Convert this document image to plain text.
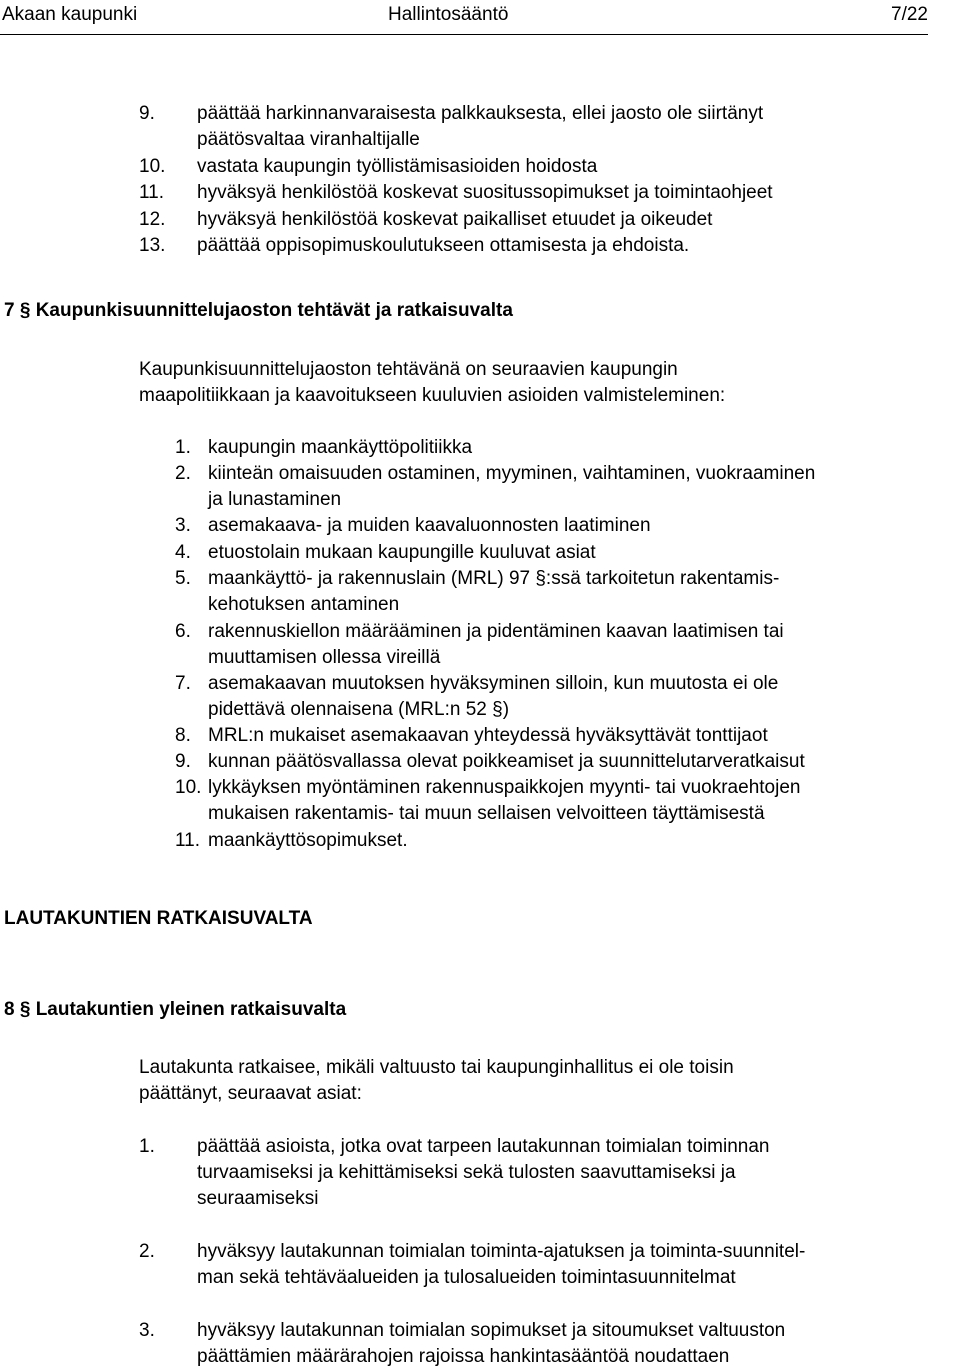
Akaan kaupunki	Hallintosääntö	7/22
9. päättää harkinnanvaraisesta palkkauksesta, ellei jaosto ole siirtänyt
päätösvaltaa viranhaltijalle
10. vastata kaupungin työllistämisasioiden hoidosta
11. hyväksyä henkilöstöä koskevat suositussopimukset ja toimintaohjeet
12. hyväksyä henkilöstöä koskevat paikalliset etuudet ja oikeudet
13. päättää oppisopimuskoulutukseen ottamisesta ja ehdoista.
7 § Kaupunkisuunnittelujaoston tehtävät ja ratkaisuvalta
Kaupunkisuunnittelujaoston tehtävänä on seuraavien kaupungin
maapolitiikkaan ja kaavoitukseen kuuluvien asioiden valmisteleminen:
1. kaupungin maankäyttöpolitiikka
2. kiinteän omaisuuden ostaminen, myyminen, vaihtaminen, vuokraaminen
ja lunastaminen
3. asemakaava- ja muiden kaavaluonnosten laatiminen
4. etuostolain mukaan kaupungille kuuluvat asiat
5. maankäyttö- ja rakennuslain (MRL) 97 §:ssä tarkoitetun rakentamis-
kehotuksen antaminen
6. rakennuskiellon määrääminen ja pidentäminen kaavan laatimisen tai
muuttamisen ollessa vireillä
7. asemakaavan muutoksen hyväksyminen silloin, kun muutosta ei ole
pidettävä olennaisena (MRL:n 52 §)
8. MRL:n mukaiset asemakaavan yhteydessä hyväksyttävät tonttijaot
9. kunnan päätösvallassa olevat poikkeamiset ja suunnittelutarveratkaisut
10. lykkäyksen myöntäminen rakennuspaikkojen myynti- tai vuokraehtojen
mukaisen rakentamis- tai muun sellaisen velvoitteen täyttämisestä
11. maankäyttösopimukset.
LAUTAKUNTIEN RATKAISUVALTA
8 § Lautakuntien yleinen ratkaisuvalta
Lautakunta ratkaisee, mikäli valtuusto tai kaupunginhallitus ei ole toisin
päättänyt, seuraavat asiat:
1. päättää asioista, jotka ovat tarpeen lautakunnan toimialan toiminnan
turvaamiseksi ja kehittämiseksi sekä tulosten saavuttamiseksi ja
seuraamiseksi
2. hyväksyy lautakunnan toimialan toiminta-ajatuksen ja toiminta-suunnitel-
man sekä tehtäväalueiden ja tulosalueiden toimintasuunnitelmat
3. hyväksyy lautakunnan toimialan sopimukset ja sitoumukset valtuuston
päättämien määrärahojen rajoissa hankintasääntöä noudattaen
